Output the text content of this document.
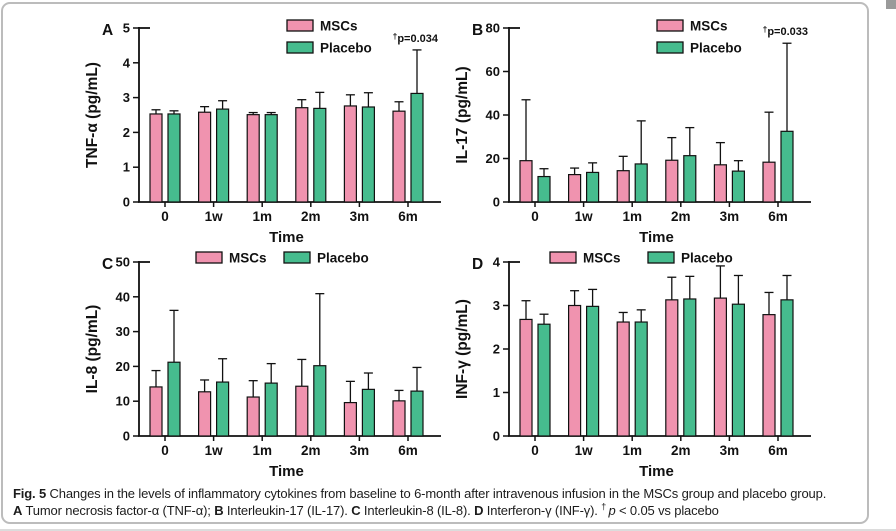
A
TNF-α (pg/mL)
0
1
2
3
4
5
0	1w 1m 2m 3m 6m
Time
MSCs
Placebo
†p=0.034 B
IL-17 (pg/mL)
0
20
40
60
80
0	1w 1m 2m 3m 6m
Time
MSCs
Placebo
†p=0.033
C
IL-8 (pg/mL)
0
10
20
30
40
50
0	1w 1m 2m 3m 6m
Time
MSCs	Placebo	D
INF-γ (pg/mL)
0
1
2
3
4
0	1w 1m 2m 3m 6m
Time
MSCs	Placebo
Fig. 5 Changes in the levels of inflammatory cytokines from baseline to 6-month after intravenous infusion in the MSCs group and placebo group.
A Tumor necrosis factor-α (TNF-α); B Interleukin-17 (IL-17). C Interleukin-8 (IL-8). D Interferon-γ (INF-γ). † p < 0.05 vs placebo
